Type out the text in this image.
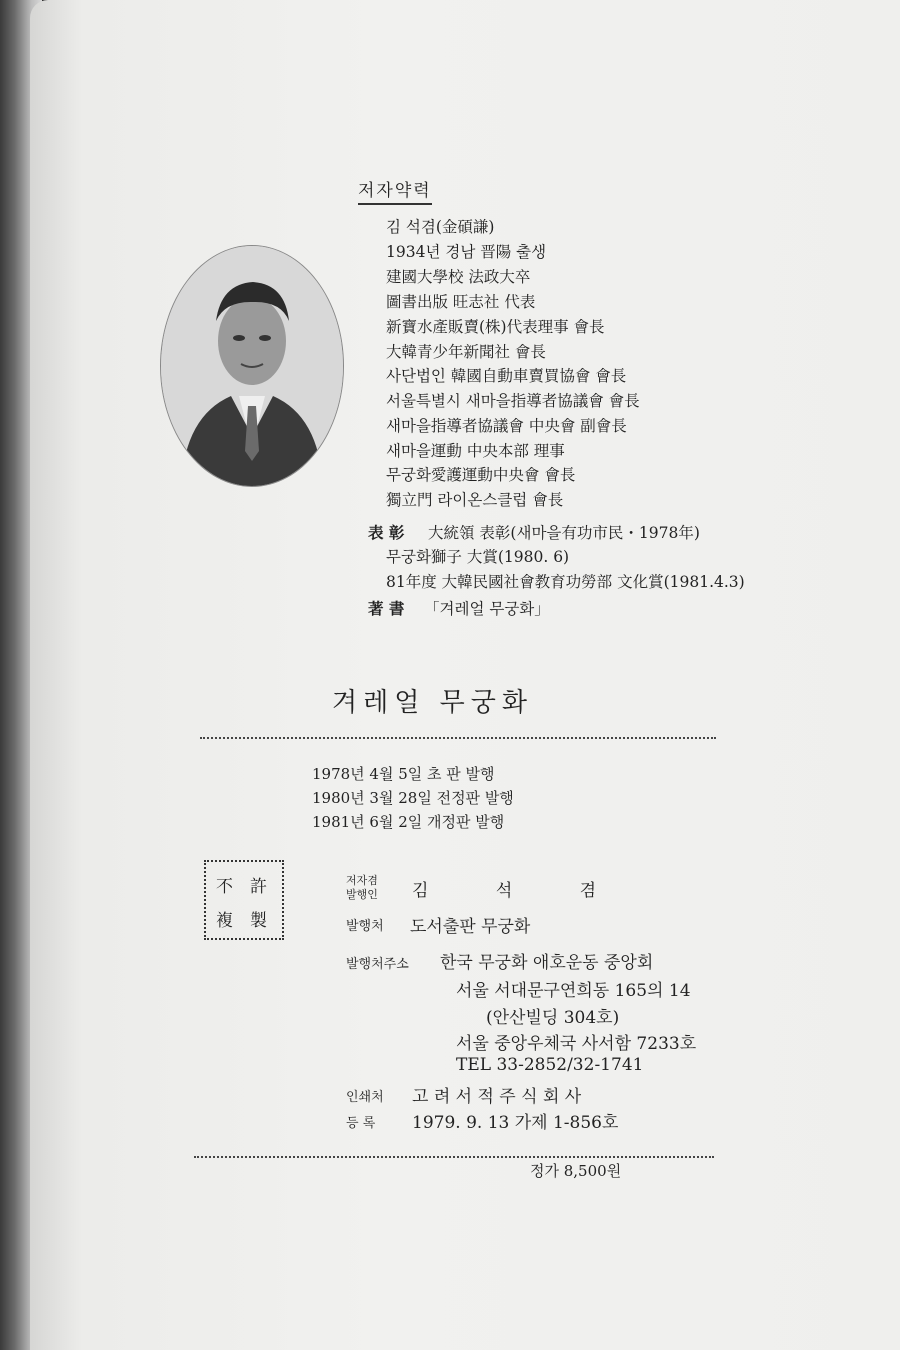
저자약력
김 석겸(金碩謙)
1934년 경남 晋陽 출생
建國大學校 法政大卒
圖書出版 旺志社 代表
新寶水產販賣(株)代表理事 會長
大韓青少年新聞社 會長
사단법인 韓國自動車賣買協會 會長
서울특별시 새마을指導者協議會 會長
새마을指導者協議會 中央會 副會長
새마을運動 中央本部 理事
무궁화愛護運動中央會 會長
獨立門 라이온스클럽 會長
表 彰 大統領 表彰(새마을有功市民・1978年)
무궁화獅子 大賞(1980. 6)
81年度 大韓民國社會教育功勞部 文化賞(1981.4.3)
著 書 「겨레얼 무궁화」
겨레얼 무궁화
1978년 4월 5일 초 판 발행
1980년 3월 28일 전정판 발행
1981년 6월 2일 개정판 발행
不 許
複 製
저자겸
발행인 김 석 겸
발행처 도서출판 무궁화
발행처주소 한국 무궁화 애호운동 중앙회
서울 서대문구연희동 165의 14
(안산빌딩 304호)
서울 중앙우체국 사서함 7233호
TEL 33-2852/32-1741
인쇄처 고 려 서 적 주 식 회 사
등 록 1979. 9. 13 가제 1-856호
정가 8,500원
